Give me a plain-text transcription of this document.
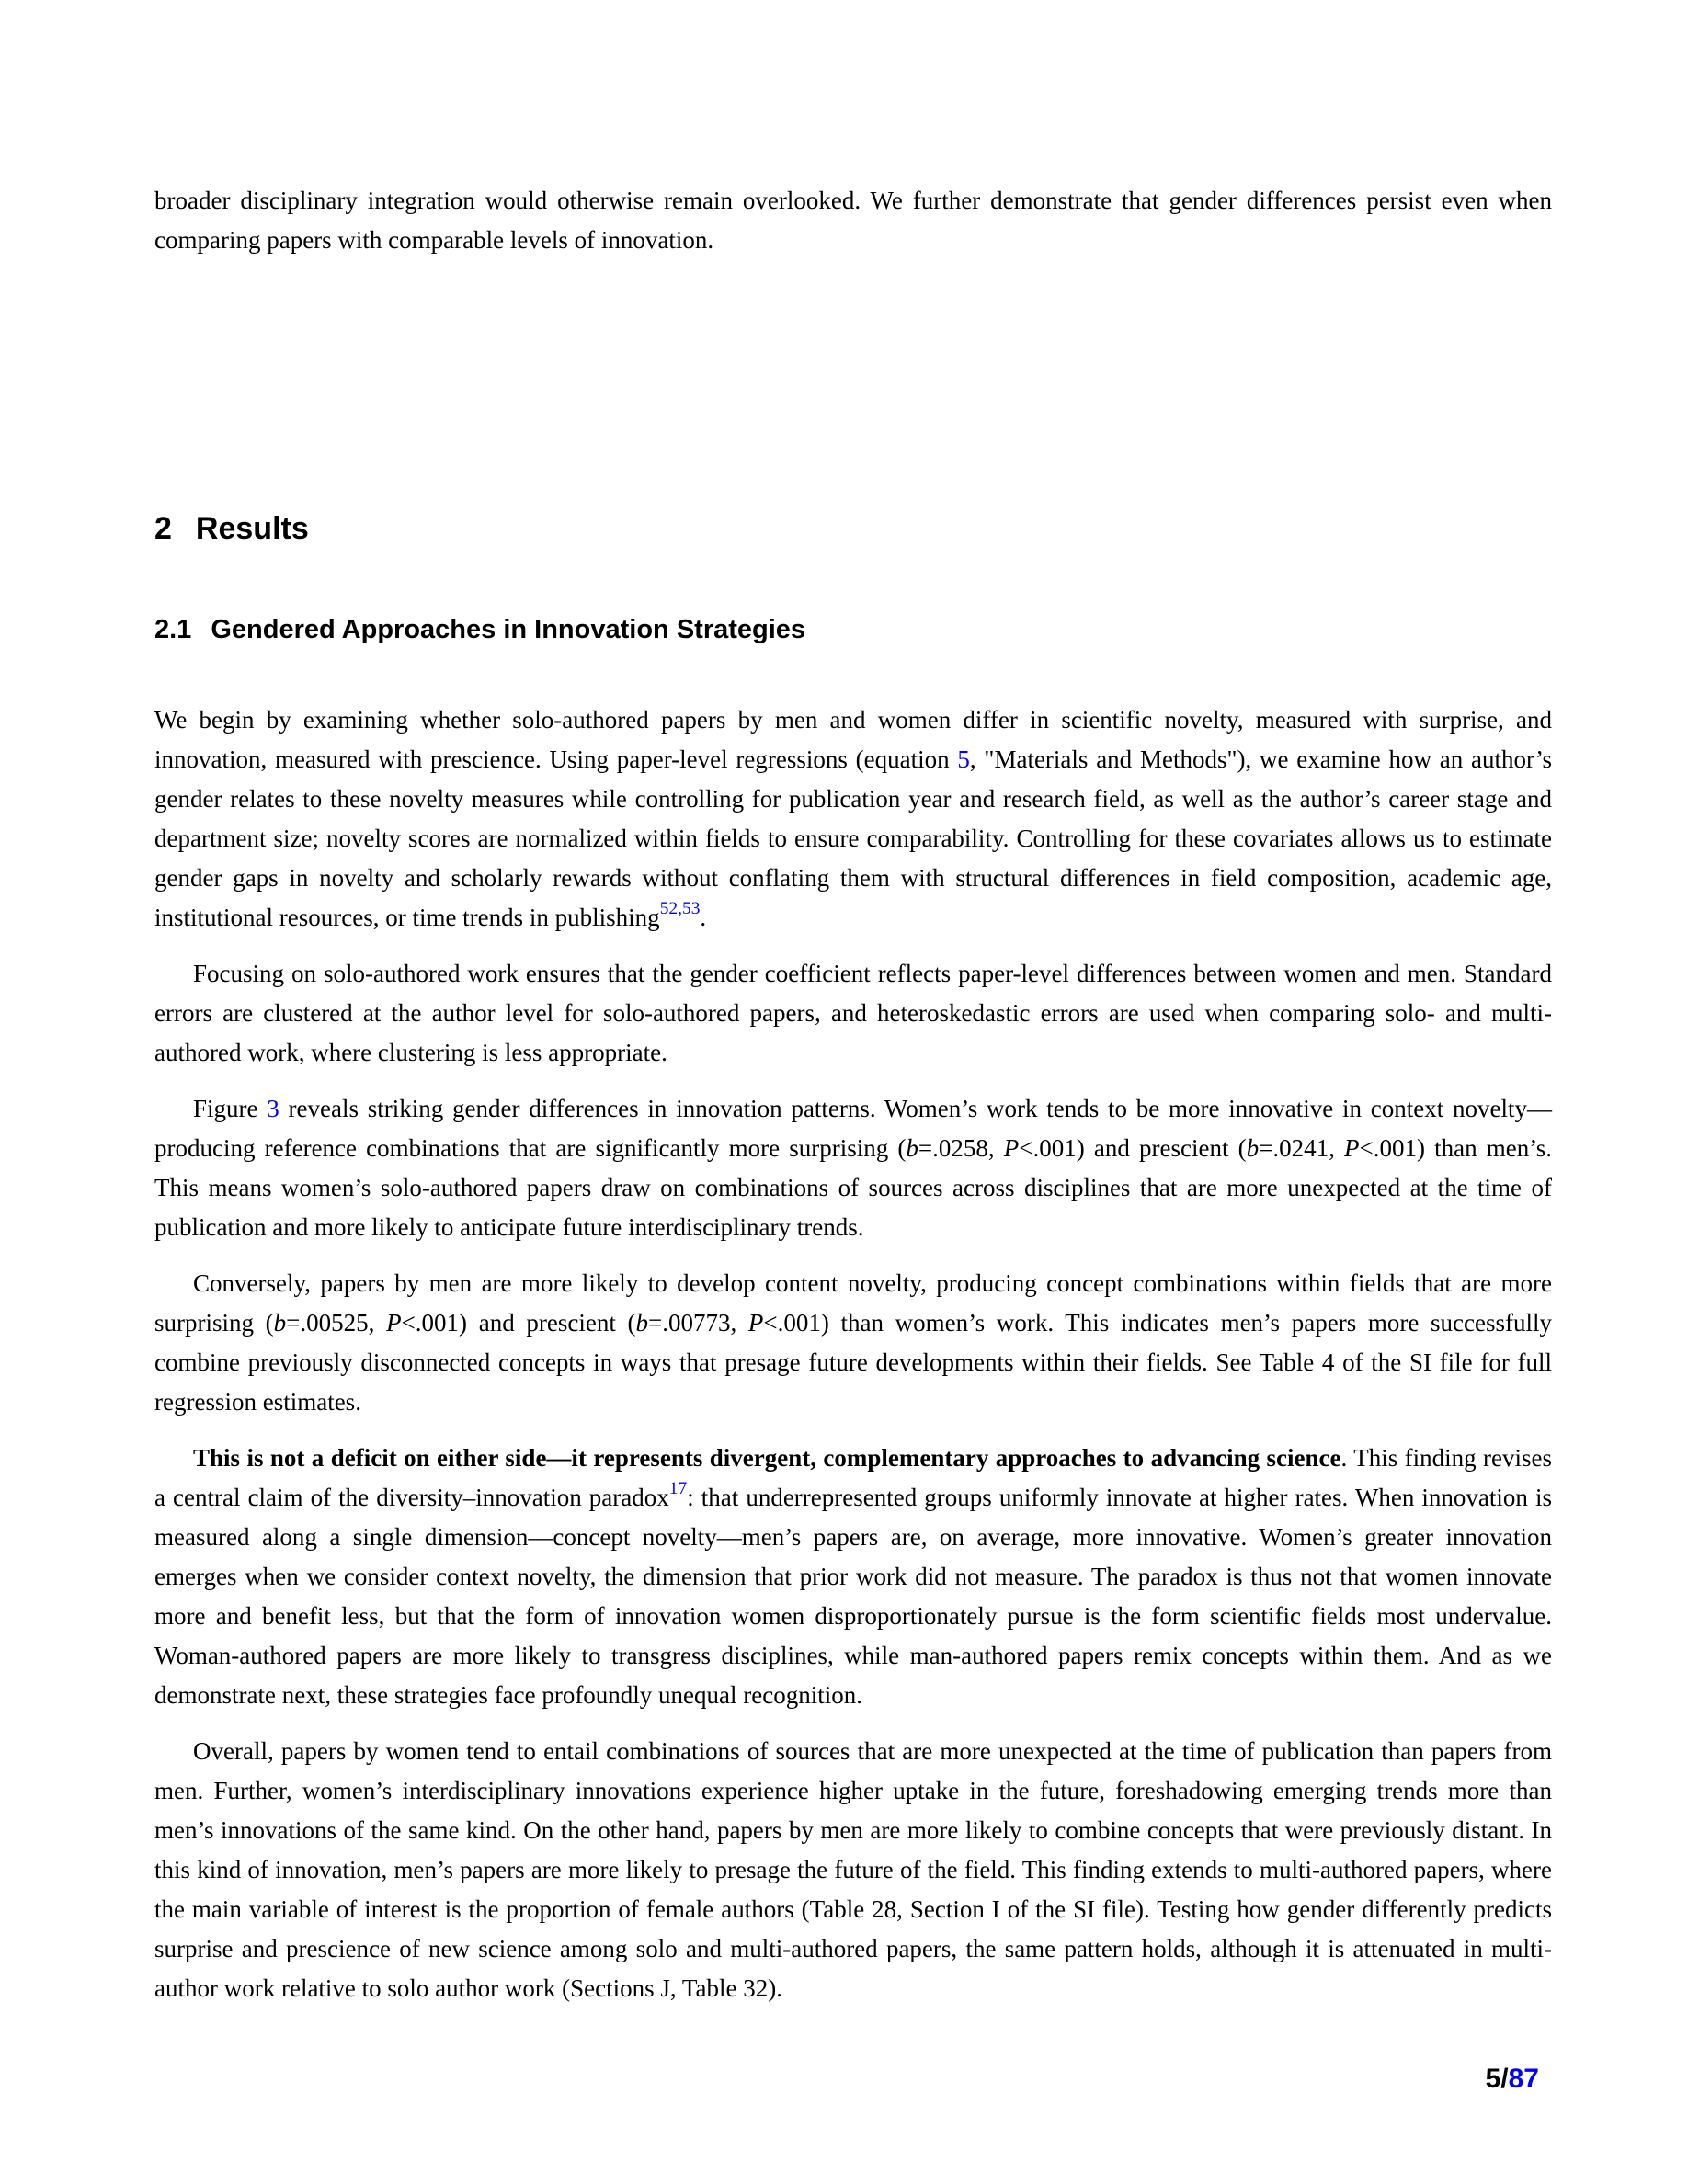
broader disciplinary integration would otherwise remain overlooked. We further demonstrate that gender differences persist even when comparing papers with comparable levels of innovation.

2 Results
2.1 Gendered Approaches in Innovation Strategies

We begin by examining whether solo-authored papers by men and women differ in scientific novelty, measured with surprise, and innovation, measured with prescience. Using paper-level regressions (equation 5, "Materials and Methods"), we examine how an author’s gender relates to these novelty measures while controlling for publication year and research field, as well as the author’s career stage and department size; novelty scores are normalized within fields to ensure comparability. Controlling for these covariates allows us to estimate gender gaps in novelty and scholarly rewards without conflating them with structural differences in field composition, academic age, institutional resources, or time trends in publishing$^{52,53}$.

Focusing on solo-authored work ensures that the gender coefficient reflects paper-level differences between women and men. Standard errors are clustered at the author level for solo-authored papers, and heteroskedastic errors are used when comparing solo- and multi-authored work, where clustering is less appropriate.

Figure 3 reveals striking gender differences in innovation patterns. Women’s work tends to be more innovative in context novelty—producing reference combinations that are significantly more surprising (b=.0258, P<.001) and prescient (b=.0241, P<.001) than men’s. This means women’s solo-authored papers draw on combinations of sources across disciplines that are more unexpected at the time of publication and more likely to anticipate future interdisciplinary trends.

Conversely, papers by men are more likely to develop content novelty, producing concept combinations within fields that are more surprising (b=.00525, P<.001) and prescient (b=.00773, P<.001) than women’s work. This indicates men’s papers more successfully combine previously disconnected concepts in ways that presage future developments within their fields. See Table 4 of the SI file for full regression estimates.

This is not a deficit on either side—it represents divergent, complementary approaches to advancing science. This finding revises a central claim of the diversity–innovation paradox$^{17}$: that underrepresented groups uniformly innovate at higher rates. When innovation is measured along a single dimension—concept novelty—men’s papers are, on average, more innovative. Women’s greater innovation emerges when we consider context novelty, the dimension that prior work did not measure. The paradox is thus not that women innovate more and benefit less, but that the form of innovation women disproportionately pursue is the form scientific fields most undervalue. Woman-authored papers are more likely to transgress disciplines, while man-authored papers remix concepts within them. And as we demonstrate next, these strategies face profoundly unequal recognition.

Overall, papers by women tend to entail combinations of sources that are more unexpected at the time of publication than papers from men. Further, women’s interdisciplinary innovations experience higher uptake in the future, foreshadowing emerging trends more than men’s innovations of the same kind. On the other hand, papers by men are more likely to combine concepts that were previously distant. In this kind of innovation, men’s papers are more likely to presage the future of the field. This finding extends to multi-authored papers, where the main variable of interest is the proportion of female authors (Table 28, Section I of the SI file). Testing how gender differently predicts surprise and prescience of new science among solo and multi-authored papers, the same pattern holds, although it is attenuated in multi-author work relative to solo author work (Sections J, Table 32).

5/87
